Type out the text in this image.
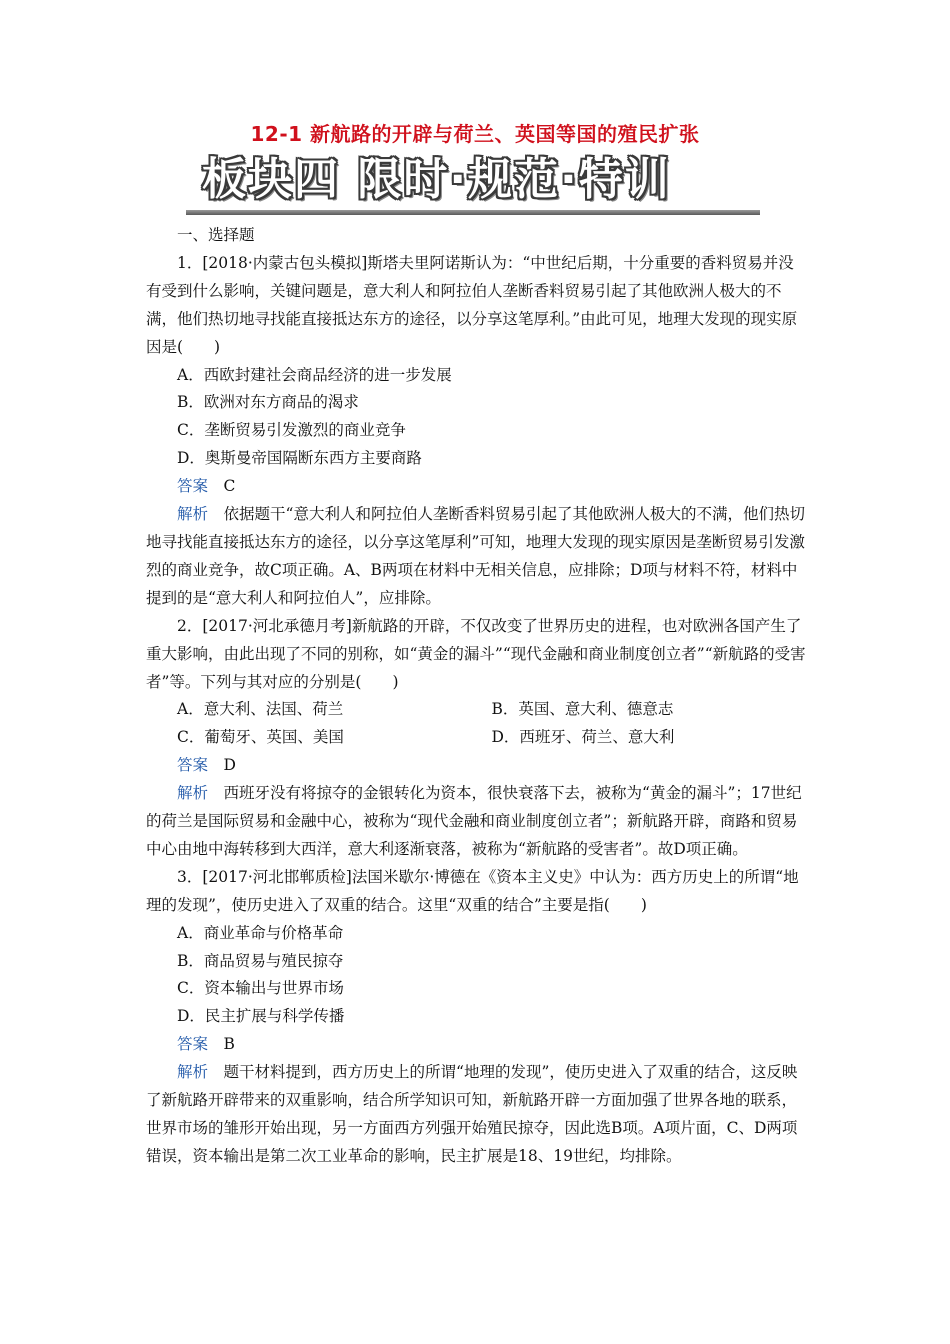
12-1 新航路的开辟与荷兰、英国等国的殖民扩张
板块四 限时·规范·特训

一、选择题

1．[2018·内蒙古包头模拟]斯塔夫里阿诺斯认为：“中世纪后期，十分重要的香料贸易并没有受到什么影响，关键问题是，意大利人和阿拉伯人垄断香料贸易引起了其他欧洲人极大的不满，他们热切地寻找能直接抵达东方的途径，以分享这笔厚利。”由此可见，地理大发现的现实原因是(　　)

A．西欧封建社会商品经济的进一步发展

B．欧洲对东方商品的渴求

C．垄断贸易引发激烈的商业竞争

D．奥斯曼帝国隔断东西方主要商路

答案　 C

解析　 依据题干“意大利人和阿拉伯人垄断香料贸易引起了其他欧洲人极大的不满，他们热切地寻找能直接抵达东方的途径，以分享这笔厚利”可知，地理大发现的现实原因是垄断贸易引发激烈的商业竞争，故C项正确。A、B两项在材料中无相关信息，应排除；D项与材料不符，材料中提到的是“意大利人和阿拉伯人”，应排除。

2．[2017·河北承德月考]新航路的开辟，不仅改变了世界历史的进程，也对欧洲各国产生了重大影响，由此出现了不同的别称，如“黄金的漏斗”“现代金融和商业制度创立者”“新航路的受害者”等。下列与其对应的分别是(　　)

A．意大利、法国、荷兰	B．英国、意大利、德意志
C．葡萄牙、英国、美国	D．西班牙、荷兰、意大利

答案　 D

解析　 西班牙没有将掠夺的金银转化为资本，很快衰落下去，被称为“黄金的漏斗”；17世纪的荷兰是国际贸易和金融中心，被称为“现代金融和商业制度创立者”；新航路开辟，商路和贸易中心由地中海转移到大西洋，意大利逐渐衰落，被称为“新航路的受害者”。故D项正确。

3．[2017·河北邯郸质检]法国米歇尔·博德在《资本主义史》中认为：西方历史上的所谓“地理的发现”，使历史进入了双重的结合。这里“双重的结合”主要是指(　　)

A．商业革命与价格革命

B．商品贸易与殖民掠夺

C．资本输出与世界市场

D．民主扩展与科学传播

答案　 B

解析　 题干材料提到，西方历史上的所谓“地理的发现”，使历史进入了双重的结合，这反映了新航路开辟带来的双重影响，结合所学知识可知，新航路开辟一方面加强了世界各地的联系，世界市场的雏形开始出现，另一方面西方列强开始殖民掠夺，因此选B项。A项片面，C、D两项错误，资本输出是第二次工业革命的影响，民主扩展是18、19世纪，均排除。
